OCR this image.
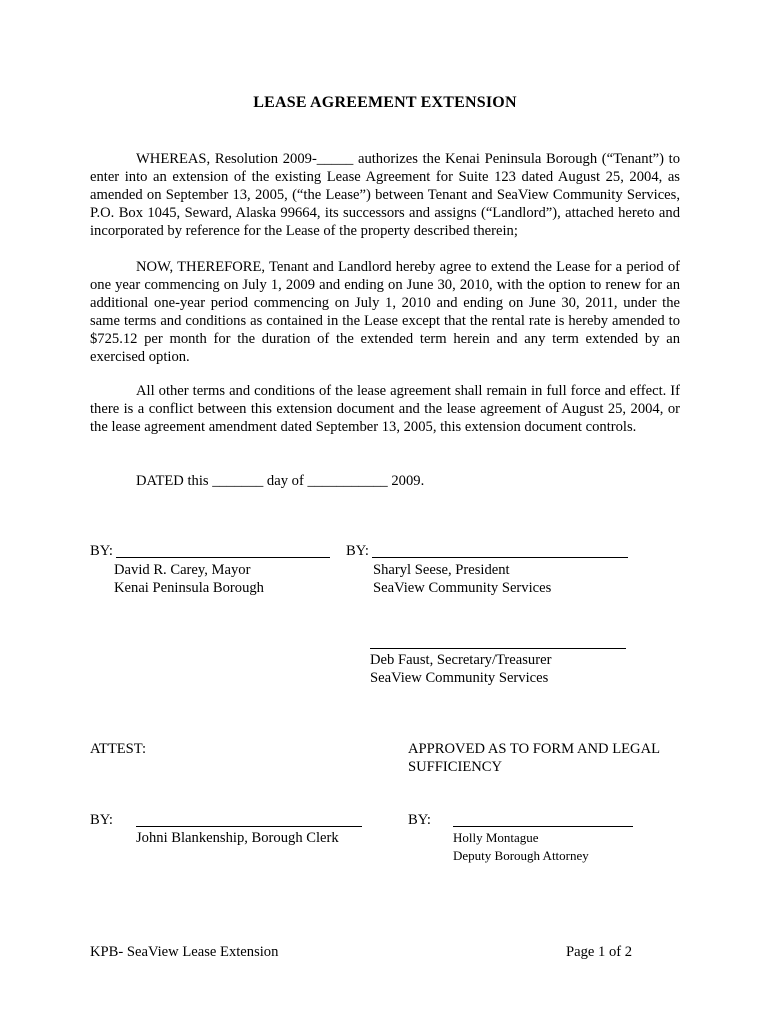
LEASE AGREEMENT EXTENSION

WHEREAS, Resolution 2009-_____ authorizes the Kenai Peninsula Borough (“Tenant”) to enter into an extension of the existing Lease Agreement for Suite 123 dated August 25, 2004, as amended on September 13, 2005, (“the Lease”) between Tenant and SeaView Community Services, P.O. Box 1045, Seward, Alaska 99664, its successors and assigns (“Landlord”), attached hereto and incorporated by reference for the Lease of the property described therein;

NOW, THEREFORE, Tenant and Landlord hereby agree to extend the Lease for a period of one year commencing on July 1, 2009 and ending on June 30, 2010, with the option to renew for an additional one-year period commencing on July 1, 2010 and ending on June 30, 2011, under the same terms and conditions as contained in the Lease except that the rental rate is hereby amended to $725.12 per month for the duration of the extended term herein and any term extended by an exercised option.

All other terms and conditions of the lease agreement shall remain in full force and effect. If there is a conflict between this extension document and the lease agreement of August 25, 2004, or the lease agreement amendment dated September 13, 2005, this extension document controls.

DATED this _______ day of ___________ 2009.
BY:
David R. Carey, Mayor
Kenai Peninsula Borough
BY:
Sharyl Seese, President
SeaView Community Services
Deb Faust, Secretary/Treasurer
SeaView Community Services
ATTEST:	APPROVED AS TO FORM AND LEGAL
SUFFICIENCY
BY:
Johni Blankenship, Borough Clerk
BY:
Holly Montague
Deputy Borough Attorney
KPB- SeaView Lease Extension	Page 1 of 2
